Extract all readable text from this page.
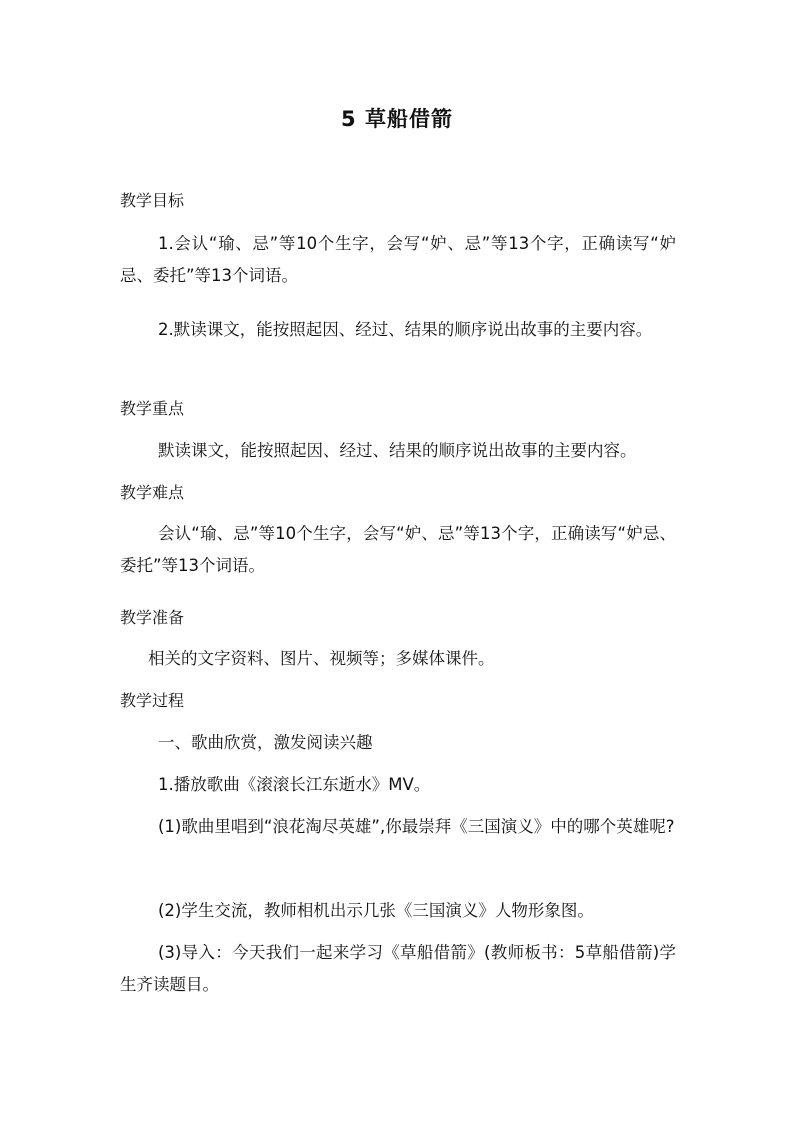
5 草船借箭
教学目标
1.会认“瑜、忌”等10个生字，会写“妒、忌”等13个字，正确读写“妒忌、委托”等13个词语。
2.默读课文，能按照起因、经过、结果的顺序说出故事的主要内容。
教学重点
默读课文，能按照起因、经过、结果的顺序说出故事的主要内容。
教学难点
会认“瑜、忌”等10个生字，会写“妒、忌”等13个字，正确读写“妒忌、委托”等13个词语。
教学准备
相关的文字资料、图片、视频等；多媒体课件。
教学过程
一、歌曲欣赏，激发阅读兴趣
1.播放歌曲《滚滚长江东逝水》MV。
(1)歌曲里唱到“浪花淘尽英雄”,你最崇拜《三国演义》中的哪个英雄呢?
(2)学生交流，教师相机出示几张《三国演义》人物形象图。
(3)导入：今天我们一起来学习《草船借箭》(教师板书：5草船借箭)学生齐读题目。
